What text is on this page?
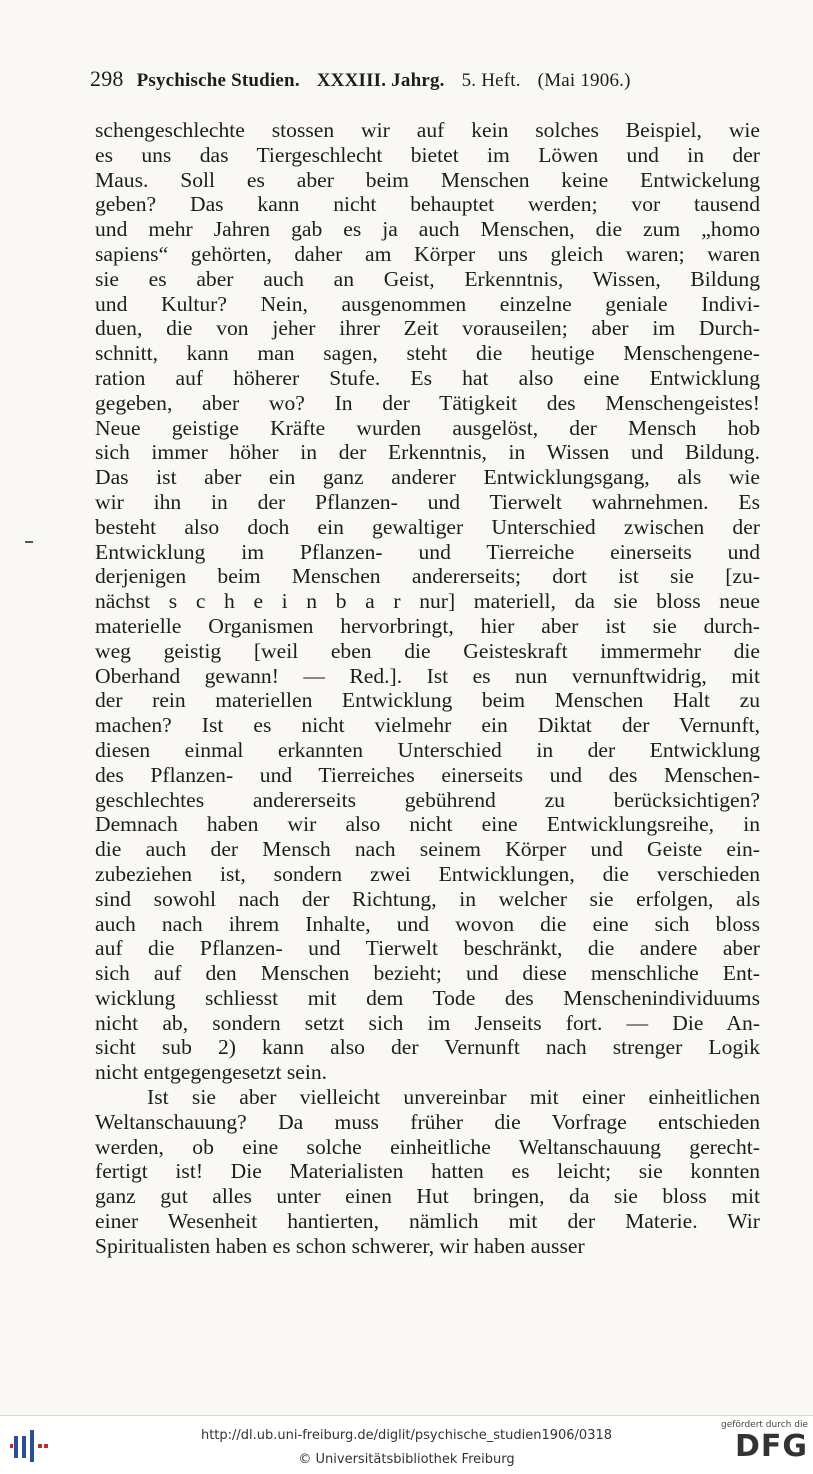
298 Psychische Studien. XXXIII. Jahrg. 5. Heft. (Mai 1906.)
schengeschlechte stossen wir auf kein solches Beispiel, wie
es uns das Tiergeschlecht bietet im Löwen und in der
Maus. Soll es aber beim Menschen keine Entwickelung
geben? Das kann nicht behauptet werden; vor tausend
und mehr Jahren gab es ja auch Menschen, die zum „homo
sapiens“ gehörten, daher am Körper uns gleich waren; waren
sie es aber auch an Geist, Erkenntnis, Wissen, Bildung
und Kultur? Nein, ausgenommen einzelne geniale Indivi-
duen, die von jeher ihrer Zeit vorauseilen; aber im Durch-
schnitt, kann man sagen, steht die heutige Menschengene-
ration auf höherer Stufe. Es hat also eine Entwicklung
gegeben, aber wo? In der Tätigkeit des Menschengeistes!
Neue geistige Kräfte wurden ausgelöst, der Mensch hob
sich immer höher in der Erkenntnis, in Wissen und Bildung.
Das ist aber ein ganz anderer Entwicklungsgang, als wie
wir ihn in der Pflanzen- und Tierwelt wahrnehmen. Es
besteht also doch ein gewaltiger Unterschied zwischen der
Entwicklung im Pflanzen- und Tierreiche einerseits und
derjenigen beim Menschen andererseits; dort ist sie [zu-
nächst s c h e i n b a r nur] materiell, da sie bloss neue
materielle Organismen hervorbringt, hier aber ist sie durch-
weg geistig [weil eben die Geisteskraft immermehr die
Oberhand gewann! — Red.]. Ist es nun vernunftwidrig, mit
der rein materiellen Entwicklung beim Menschen Halt zu
machen? Ist es nicht vielmehr ein Diktat der Vernunft,
diesen einmal erkannten Unterschied in der Entwicklung
des Pflanzen- und Tierreiches einerseits und des Menschen-
geschlechtes andererseits gebührend zu berücksichtigen?
Demnach haben wir also nicht eine Entwicklungsreihe, in
die auch der Mensch nach seinem Körper und Geiste ein-
zubeziehen ist, sondern zwei Entwicklungen, die verschieden
sind sowohl nach der Richtung, in welcher sie erfolgen, als
auch nach ihrem Inhalte, und wovon die eine sich bloss
auf die Pflanzen- und Tierwelt beschränkt, die andere aber
sich auf den Menschen bezieht; und diese menschliche Ent-
wicklung schliesst mit dem Tode des Menschenindividuums
nicht ab, sondern setzt sich im Jenseits fort. — Die An-
sicht sub 2) kann also der Vernunft nach strenger Logik
nicht entgegengesetzt sein.
Ist sie aber vielleicht unvereinbar mit einer einheitlichen
Weltanschauung? Da muss früher die Vorfrage entschieden
werden, ob eine solche einheitliche Weltanschauung gerecht-
fertigt ist! Die Materialisten hatten es leicht; sie konnten
ganz gut alles unter einen Hut bringen, da sie bloss mit
einer Wesenheit hantierten, nämlich mit der Materie. Wir
Spiritualisten haben es schon schwerer, wir haben ausser
http://dl.ub.uni-freiburg.de/diglit/psychische_studien1906/0318
© Universitätsbibliothek Freiburg
gefördert durch die
DFG
